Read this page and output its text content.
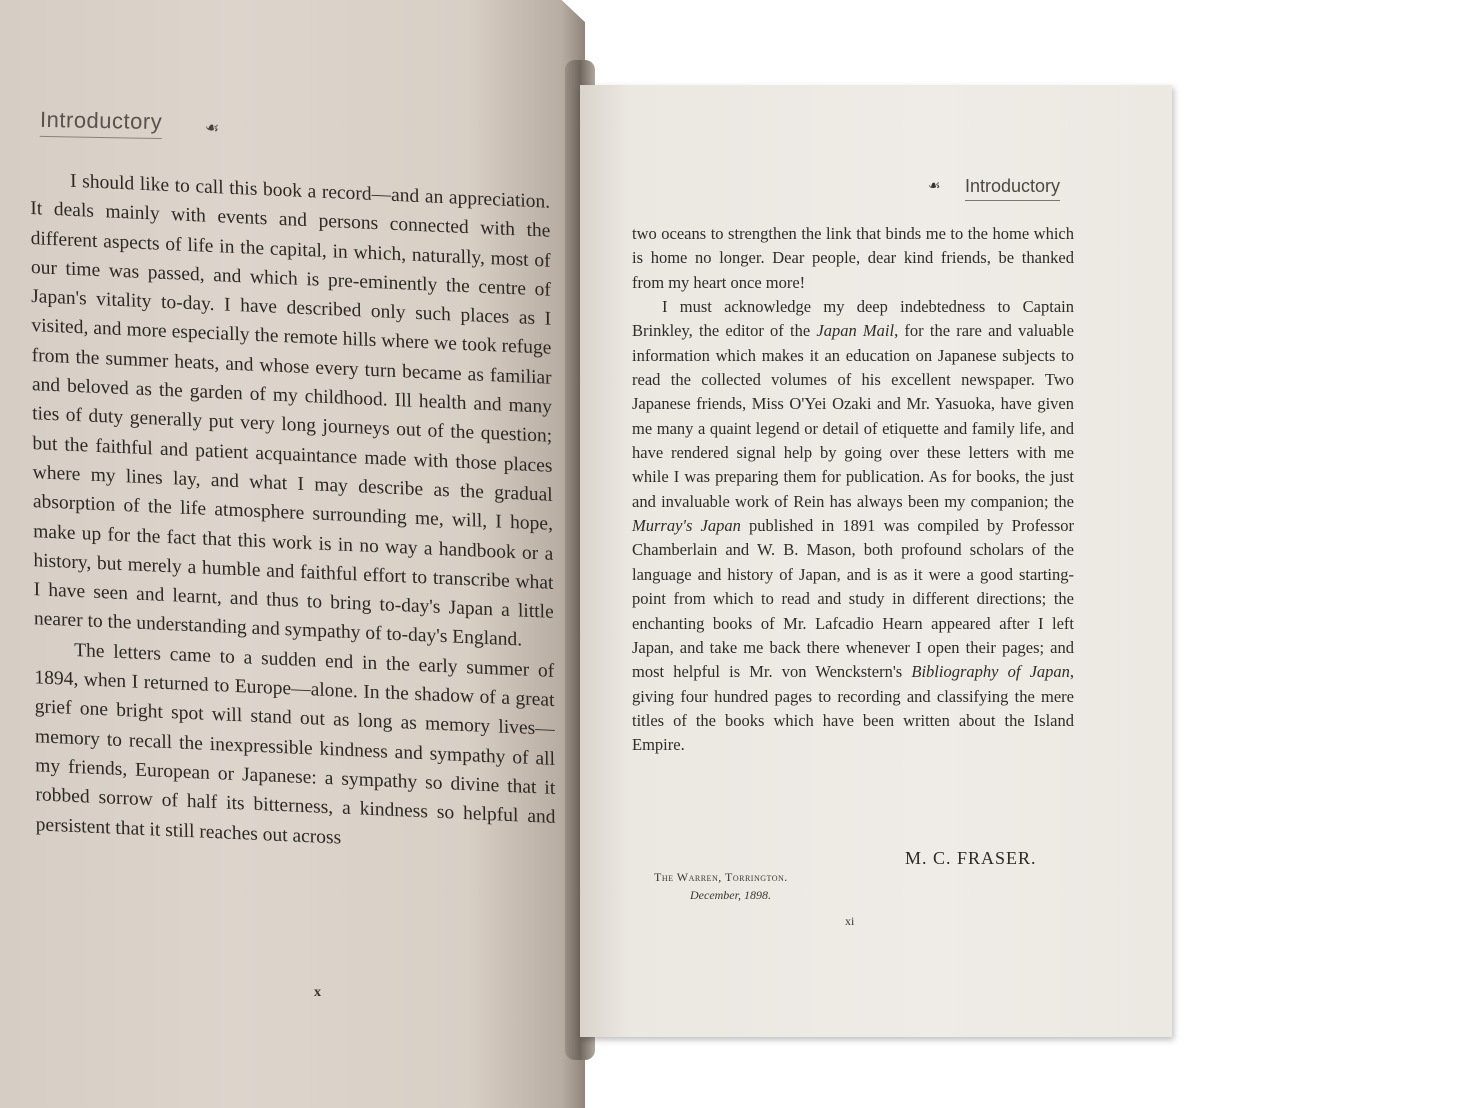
Introductory	☙

I should like to call this book a record—and an appreciation. It deals mainly with events and persons connected with the different aspects of life in the capital, in which, naturally, most of our time was passed, and which is pre-eminently the centre of Japan's vitality to-day. I have described only such places as I visited, and more especially the remote hills where we took refuge from the summer heats, and whose every turn became as familiar and beloved as the garden of my childhood. Ill health and many ties of duty generally put very long journeys out of the question; but the faithful and patient acquaintance made with those places where my lines lay, and what I may describe as the gradual absorption of the life atmosphere surrounding me, will, I hope, make up for the fact that this work is in no way a handbook or a history, but merely a humble and faithful effort to transcribe what I have seen and learnt, and thus to bring to-day's Japan a little nearer to the understanding and sympathy of to-day's England.

The letters came to a sudden end in the early summer of 1894, when I returned to Europe—alone. In the shadow of a great grief one bright spot will stand out as long as memory lives—memory to recall the inexpressible kindness and sympathy of all my friends, European or Japanese: a sympathy so divine that it robbed sorrow of half its bitterness, a kindness so helpful and persistent that it still reaches out across

x
☙ Introductory

two oceans to strengthen the link that binds me to the home which is home no longer. Dear people, dear kind friends, be thanked from my heart once more!

I must acknowledge my deep indebtedness to Captain Brinkley, the editor of the Japan Mail, for the rare and valuable information which makes it an education on Japanese subjects to read the collected volumes of his excellent newspaper. Two Japanese friends, Miss O'Yei Ozaki and Mr. Yasuoka, have given me many a quaint legend or detail of etiquette and family life, and have rendered signal help by going over these letters with me while I was preparing them for publication. As for books, the just and invaluable work of Rein has always been my companion; the Murray's Japan published in 1891 was compiled by Professor Chamberlain and W. B. Mason, both profound scholars of the language and history of Japan, and is as it were a good starting-point from which to read and study in different directions; the enchanting books of Mr. Lafcadio Hearn appeared after I left Japan, and take me back there whenever I open their pages; and most helpful is Mr. von Wenckstern's Bibliography of Japan, giving four hundred pages to recording and classifying the mere titles of the books which have been written about the Island Empire.

M. C. FRASER.
The Warren, Torrington.
December, 1898.
xi
